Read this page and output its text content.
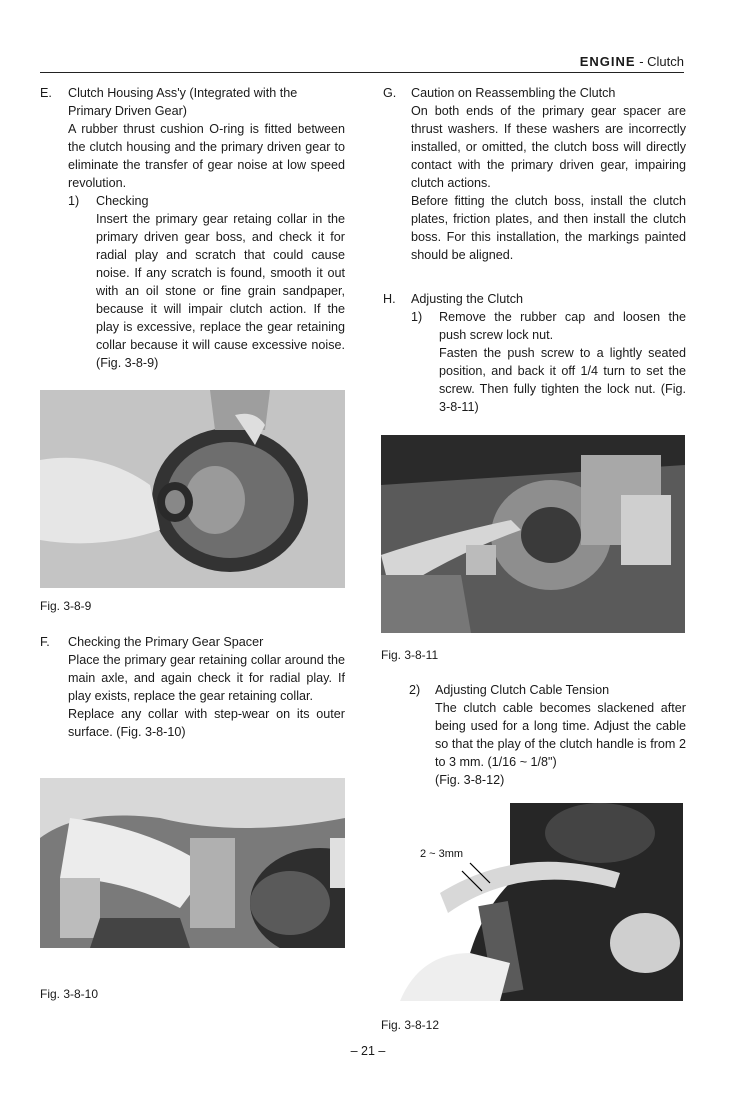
ENGINE - Clutch
E.	Clutch Housing Ass'y (Integrated with the

Primary Driven Gear)

A rubber thrust cushion O-ring is fitted between the clutch housing and the primary driven gear to eliminate the transfer of gear noise at low speed revolution.

1)	Checking

Insert the primary gear retaing collar in the primary driven gear boss, and check it for radial play and scratch that could cause noise. If any scratch is found, smooth it out with an oil stone or fine grain sandpaper, because it will impair clutch action. If the play is excessive, replace the gear retaining collar because it will cause excessive noise. (Fig. 3-8-9)

Fig. 3-8-9
F.	Checking the Primary Gear Spacer

Place the primary gear retaining collar around the main axle, and again check it for radial play. If play exists, replace the gear retaining collar.

Replace any collar with step-wear on its outer surface. (Fig. 3-8-10)

Fig. 3-8-10
G.	Caution on Reassembling the Clutch

On both ends of the primary gear spacer are thrust washers. If these washers are incorrectly installed, or omitted, the clutch boss will directly contact with the primary driven gear, impairing clutch actions.

Before fitting the clutch boss, install the clutch plates, friction plates, and then install the clutch boss. For this installation, the markings painted should be aligned.

H.	Adjusting the Clutch

1)	Remove the rubber cap and loosen the push screw lock nut.

Fasten the push screw to a lightly seated position, and back it off 1/4 turn to set the screw. Then fully tighten the lock nut. (Fig. 3-8-11)

Fig. 3-8-11
2)	Adjusting Clutch Cable Tension

The clutch cable becomes slackened after being used for a long time. Adjust the cable so that the play of the clutch handle is from 2 to 3 mm. (1/16 ~ 1/8")

(Fig. 3-8-12)

2 ~ 3mm
Fig. 3-8-12
– 21 –
